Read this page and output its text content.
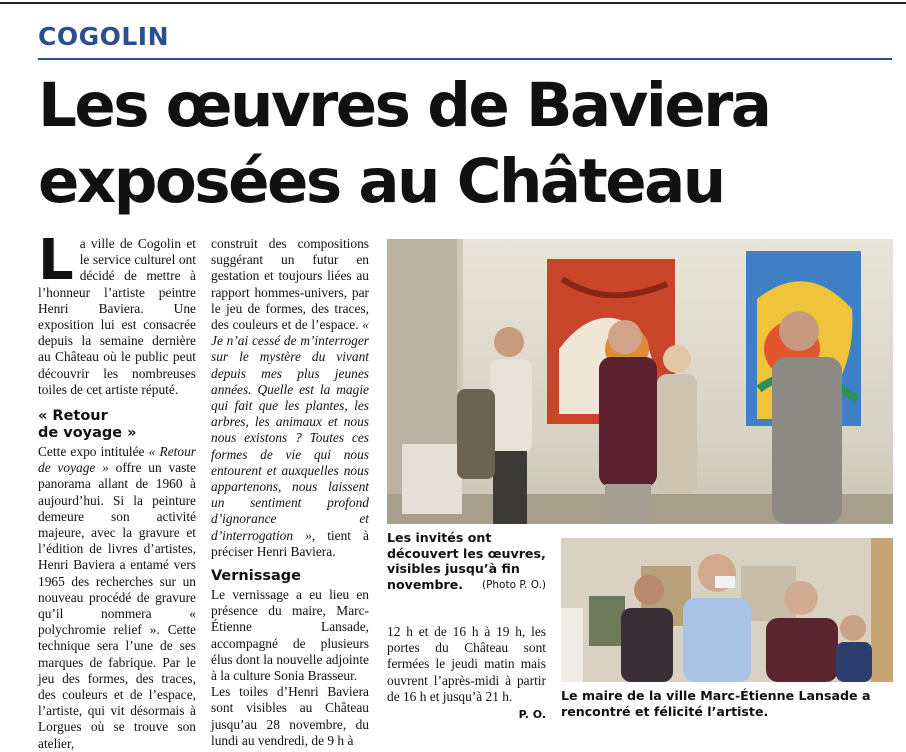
COGOLIN
Les œuvres de Baviera
exposées au Château

La ville de Cogolin et le service culturel ont décidé de mettre à l’honneur l’artiste peintre Henri Baviera. Une exposition lui est consacrée depuis la semaine dernière au Château où le public peut découvrir les nombreuses toiles de cet artiste réputé.

« Retour
de voyage »

Cette expo intitulée « Retour de voyage » offre un vaste panorama allant de 1960 à aujourd’hui. Si la peinture demeure son activité majeure, avec la gravure et l’édition de livres d’artistes, Henri Baviera a entamé vers 1965 des recherches sur un nouveau procédé de gravure qu’il nommera « polychromie relief ». Cette technique sera l’une de ses marques de fabrique. Par le jeu des formes, des traces, des couleurs et de l’espace, l’artiste, qui vit désormais à Lorgues où se trouve son atelier,

construit des compositions suggérant un futur en gestation et toujours liées au rapport hommes-univers, par le jeu de formes, des traces, des couleurs et de l’espace. « Je n’ai cessé de m’interroger sur le mystère du vivant depuis mes plus jeunes années. Quelle est la magie qui fait que les plantes, les arbres, les animaux et nous nous existons ? Toutes ces formes de vie qui nous entourent et auxquelles nous appartenons, nous laissent un sentiment profond d’ignorance et d’interrogation », tient à préciser Henri Baviera.

Vernissage

Le vernissage a eu lieu en présence du maire, Marc-Étienne Lansade, accompagné de plusieurs élus dont la nouvelle adjointe à la culture Sonia Brasseur.

Les toiles d’Henri Baviera sont visibles au Château jusqu’au 28 novembre, du lundi au vendredi, de 9 h à

Les invités ont découvert les œuvres, visibles jusqu’à fin novembre.	(Photo P. O.)

12 h et de 16 h à 19 h, les portes du Château sont fermées le jeudi matin mais ouvrent l’après-midi à partir de 16 h et jusqu’à 21 h.

P. O.
Le maire de la ville Marc-Étienne Lansade a rencontré et félicité l’artiste.
